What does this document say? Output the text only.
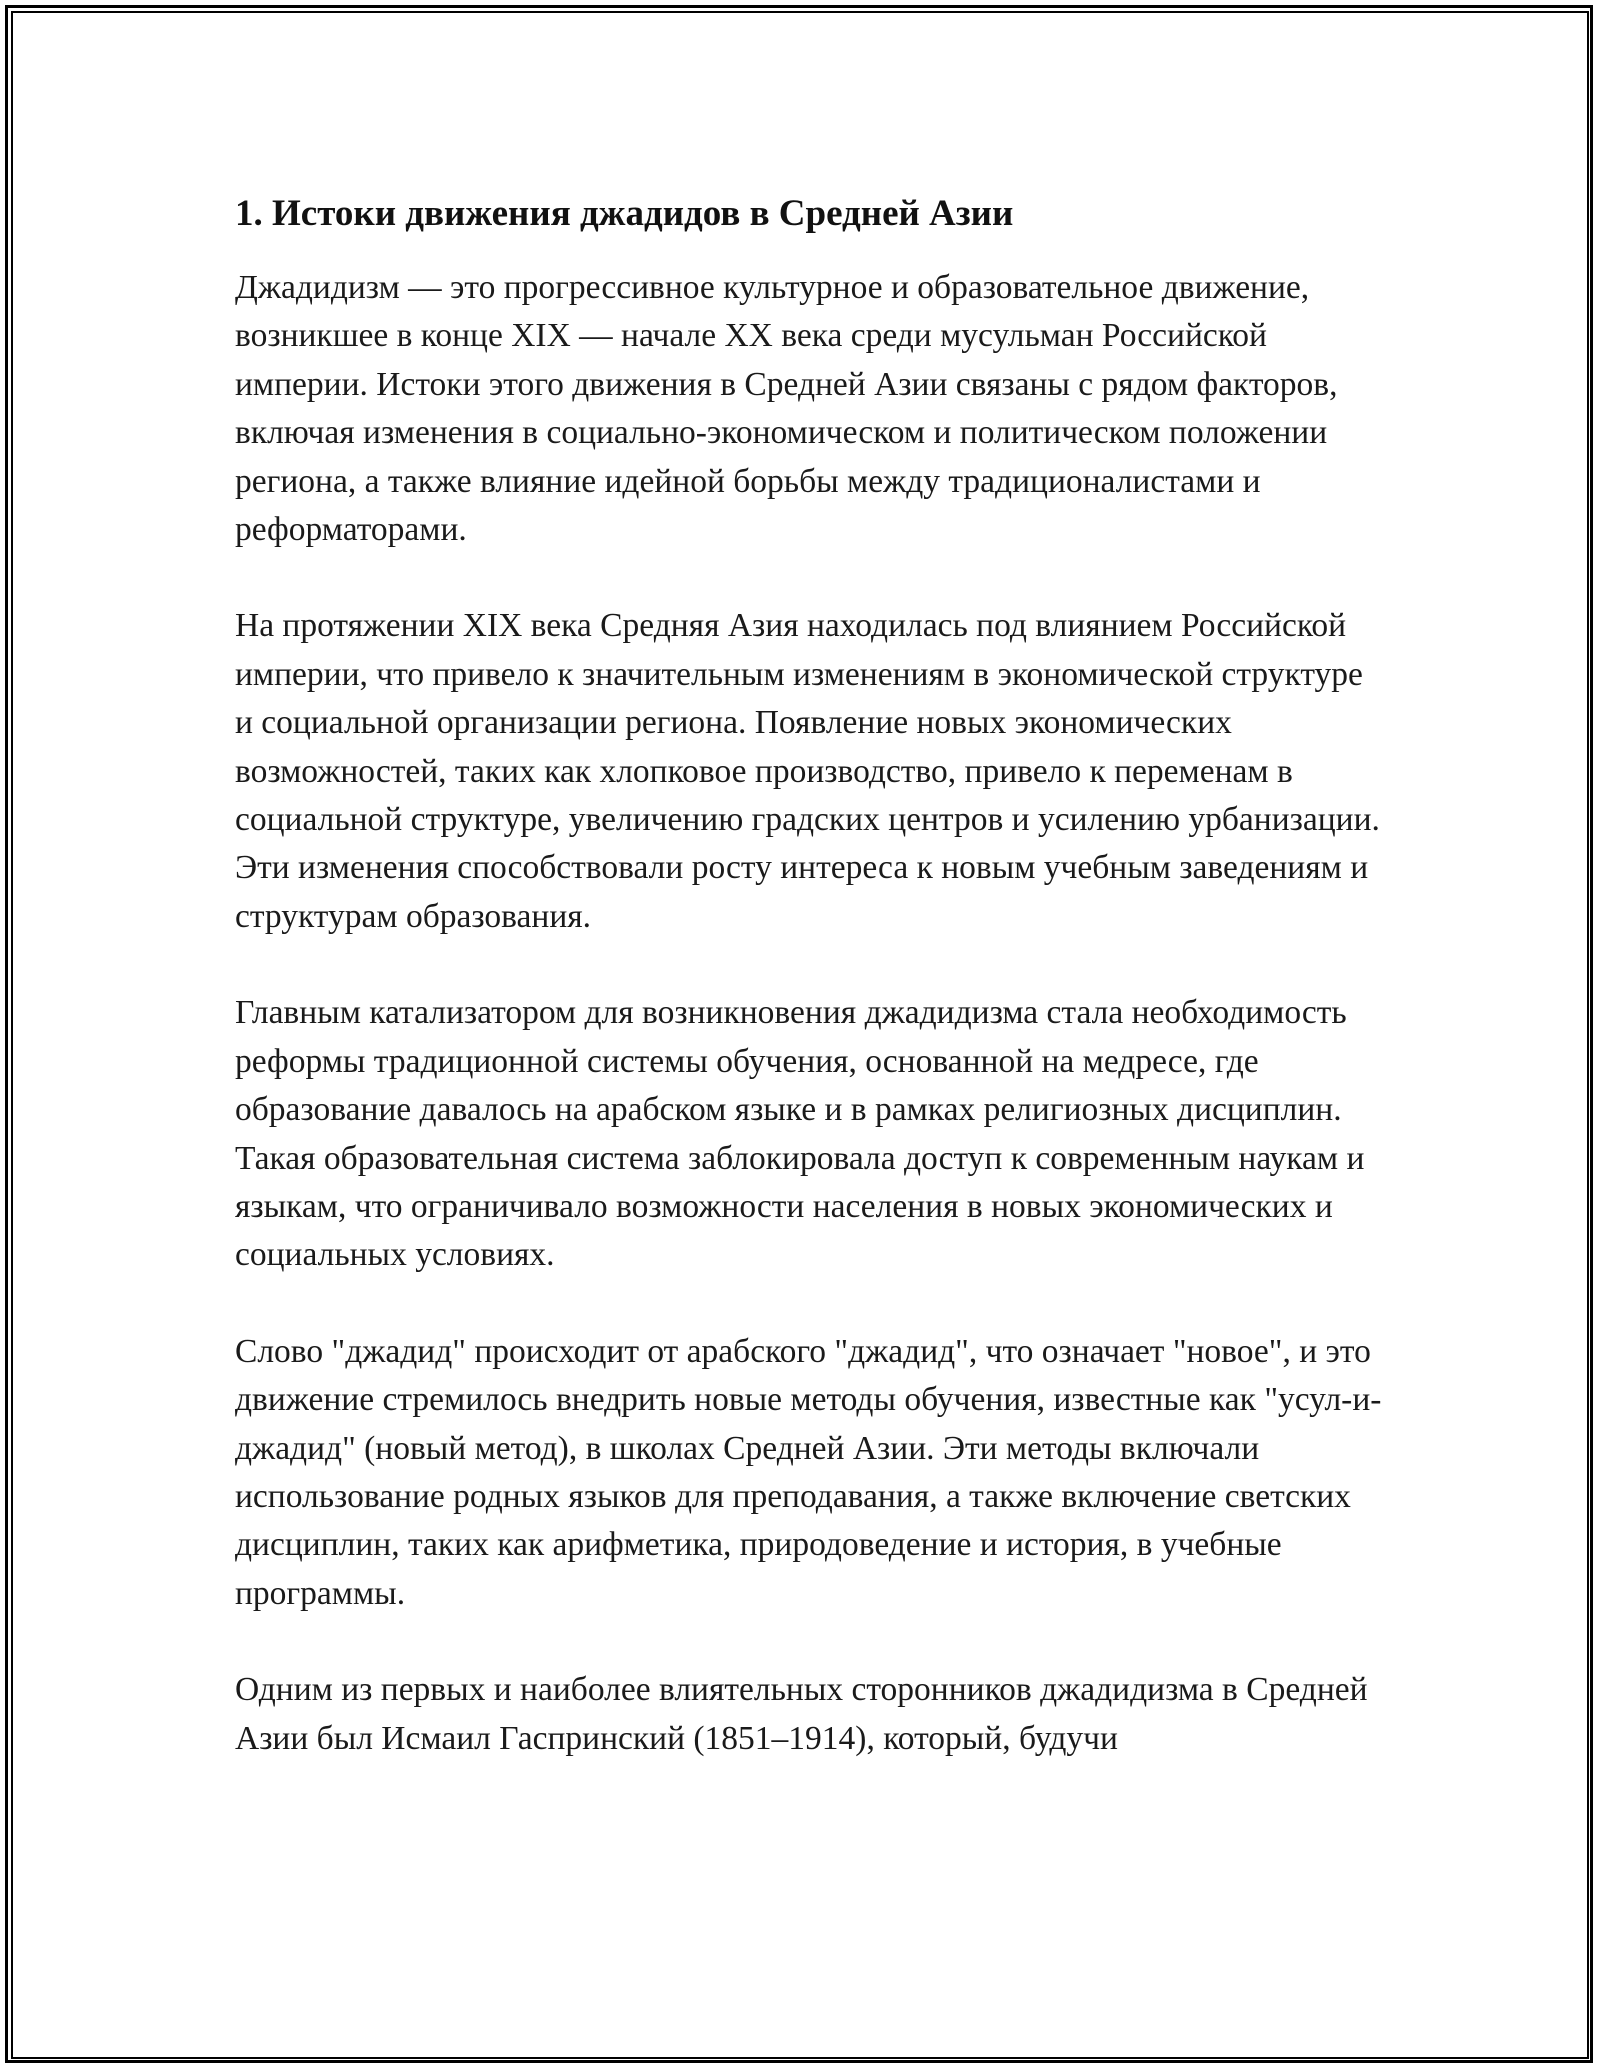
1. Истоки движения джадидов в Средней Азии

Джадидизм — это прогрессивное культурное и образовательное движение, возникшее в конце XIX — начале XX века среди мусульман Российской империи. Истоки этого движения в Средней Азии связаны с рядом факторов, включая изменения в социально-экономическом и политическом положении региона, а также влияние идейной борьбы между традиционалистами и реформаторами.

На протяжении XIX века Средняя Азия находилась под влиянием Российской империи, что привело к значительным изменениям в экономической структуре и социальной организации региона. Появление новых экономических возможностей, таких как хлопковое производство, привело к переменам в социальной структуре, увеличению градских центров и усилению урбанизации. Эти изменения способствовали росту интереса к новым учебным заведениям и структурам образования.

Главным катализатором для возникновения джадидизма стала необходимость реформы традиционной системы обучения, основанной на медресе, где образование давалось на арабском языке и в рамках религиозных дисциплин. Такая образовательная система заблокировала доступ к современным наукам и языкам, что ограничивало возможности населения в новых экономических и социальных условиях.

Слово "джадид" происходит от арабского "джадид", что означает "новое", и это движение стремилось внедрить новые методы обучения, известные как "усул-и-джадид" (новый метод), в школах Средней Азии. Эти методы включали использование родных языков для преподавания, а также включение светских дисциплин, таких как арифметика, природоведение и история, в учебные программы.

Одним из первых и наиболее влиятельных сторонников джадидизма в Средней Азии был Исмаил Гаспринский (1851–1914), который, будучи
